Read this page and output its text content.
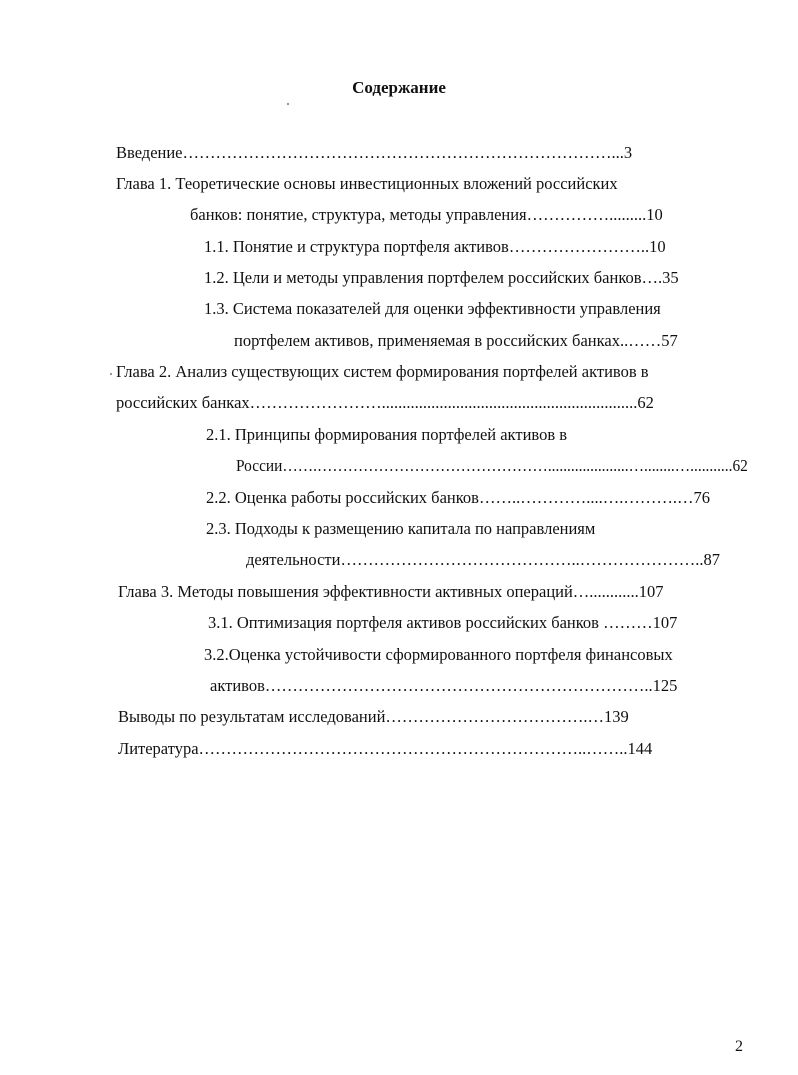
Содержание
Введение……………………………………………………………………...3
Глава 1. Теоретические основы инвестиционных вложений российских
банков: понятие, структура, методы управления…………….........10
1.1. Понятие и структура портфеля активов……………………..10
1.2. Цели и методы управления портфелем российских банков….35
1.3. Система показателей для оценки эффективности управления
портфелем активов, применяемая в российских банках..……57
Глава 2. Анализ существующих систем формирования портфелей активов в
российских банках……………………..............................................................62
2.1. Принципы формирования портфелей активов в
России…….……………………………………….....................…........…...........62
2.2. Оценка работы российских банков……..…………....….……….…76
2.3. Подходы к размещению капитала по направлениям
деятельности……………………………………..…………………..87
Глава 3. Методы повышения эффективности активных операций…............107
3.1. Оптимизация портфеля активов российских банков ………107
3.2.Оценка устойчивости сформированного портфеля финансовых
активов……………………………………………………………..125
Выводы по результатам исследований……………………………….…139
Литература……………………………………………………………..……..144
2
